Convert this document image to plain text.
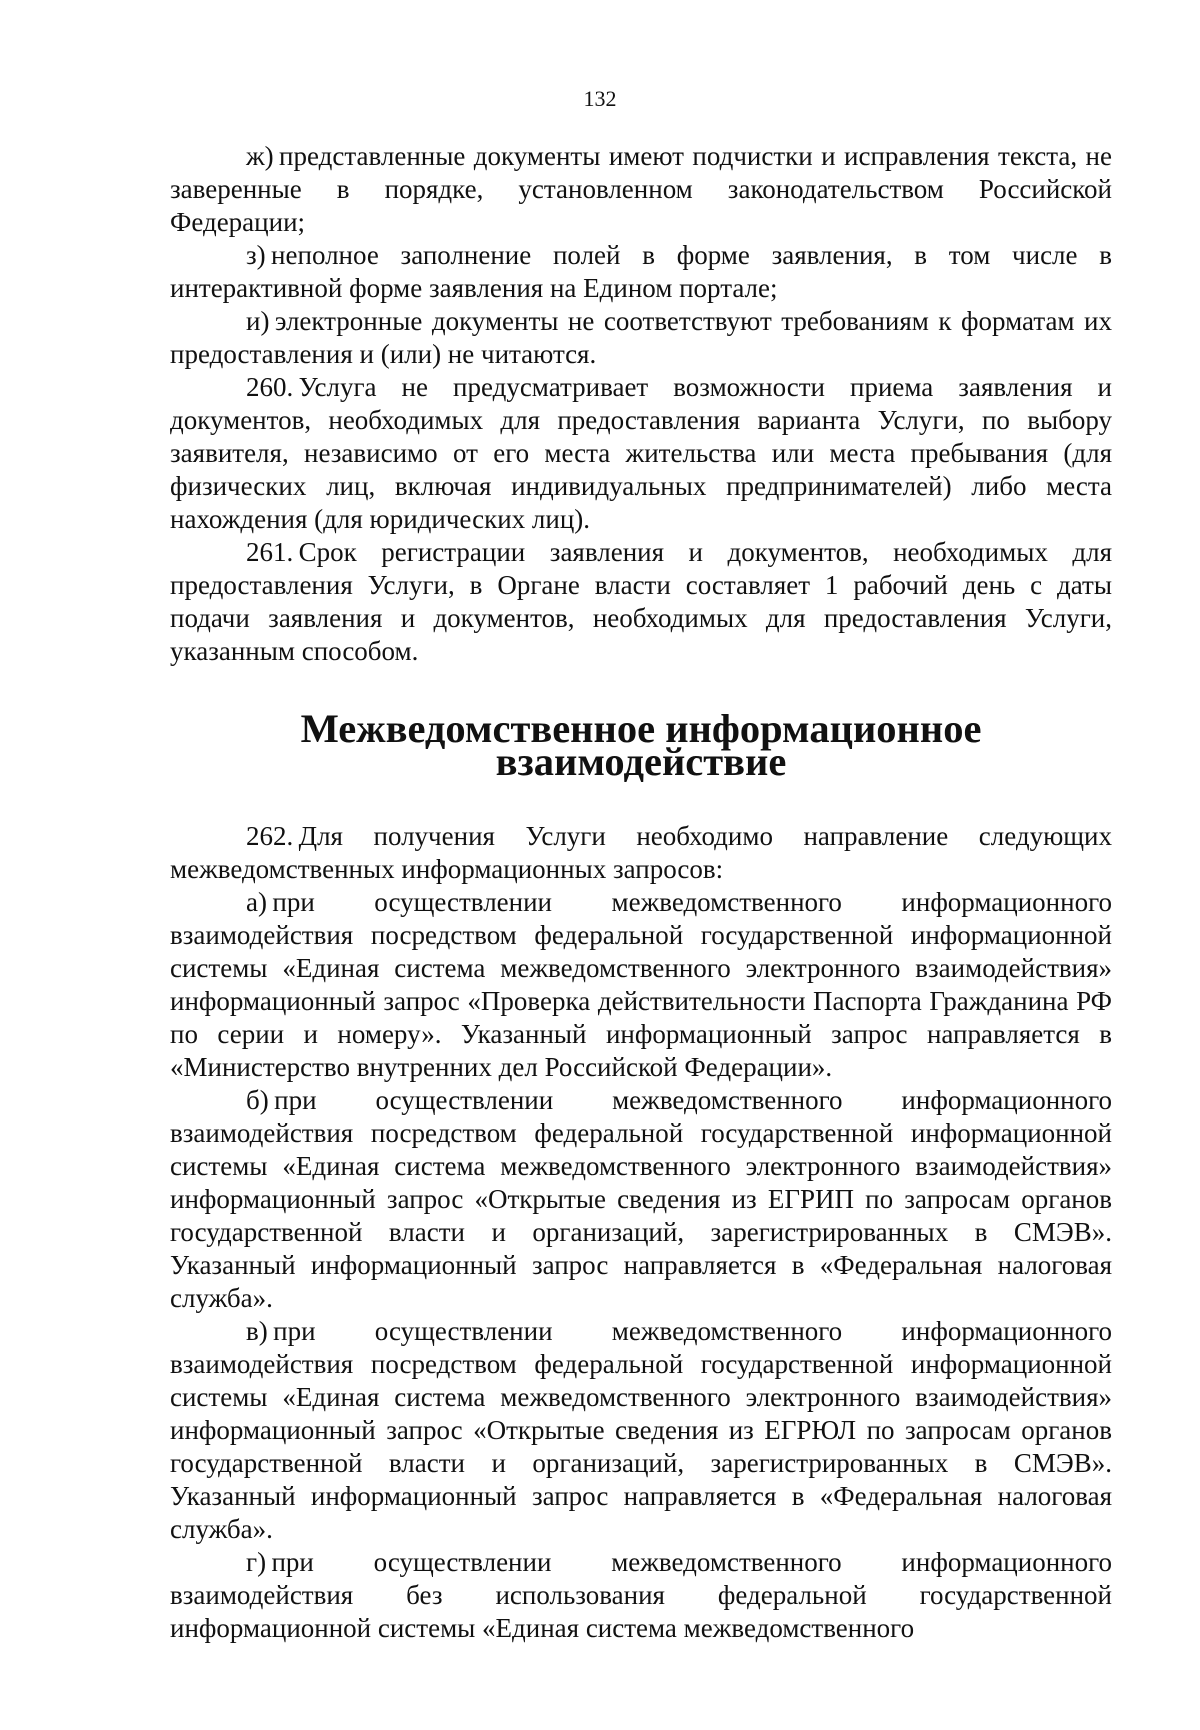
132

ж) представленные документы имеют подчистки и исправления текста, не заверенные в порядке, установленном законодательством Российской Федерации;

з) неполное заполнение полей в форме заявления, в том числе в интерактивной форме заявления на Едином портале;

и) электронные документы не соответствуют требованиям к форматам их предоставления и (или) не читаются.

260. Услуга не предусматривает возможности приема заявления и документов, необходимых для предоставления варианта Услуги, по выбору заявителя, независимо от его места жительства или места пребывания (для физических лиц, включая индивидуальных предпринимателей) либо места нахождения (для юридических лиц).

261. Срок регистрации заявления и документов, необходимых для предоставления Услуги, в Органе власти составляет 1 рабочий день с даты подачи заявления и документов, необходимых для предоставления Услуги, указанным способом.

Межведомственное информационное взаимодействие

262. Для получения Услуги необходимо направление следующих межведомственных информационных запросов:

а) при осуществлении межведомственного информационного взаимодействия посредством федеральной государственной информационной системы «Единая система межведомственного электронного взаимодействия» информационный запрос «Проверка действительности Паспорта Гражданина РФ по серии и номеру». Указанный информационный запрос направляется в «Министерство внутренних дел Российской Федерации».

б) при осуществлении межведомственного информационного взаимодействия посредством федеральной государственной информационной системы «Единая система межведомственного электронного взаимодействия» информационный запрос «Открытые сведения из ЕГРИП по запросам органов государственной власти и организаций, зарегистрированных в СМЭВ». Указанный информационный запрос направляется в «Федеральная налоговая служба».

в) при осуществлении межведомственного информационного взаимодействия посредством федеральной государственной информационной системы «Единая система межведомственного электронного взаимодействия» информационный запрос «Открытые сведения из ЕГРЮЛ по запросам органов государственной власти и организаций, зарегистрированных в СМЭВ». Указанный информационный запрос направляется в «Федеральная налоговая служба».

г) при осуществлении межведомственного информационного взаимодействия без использования федеральной государственной информационной системы «Единая система межведомственного
